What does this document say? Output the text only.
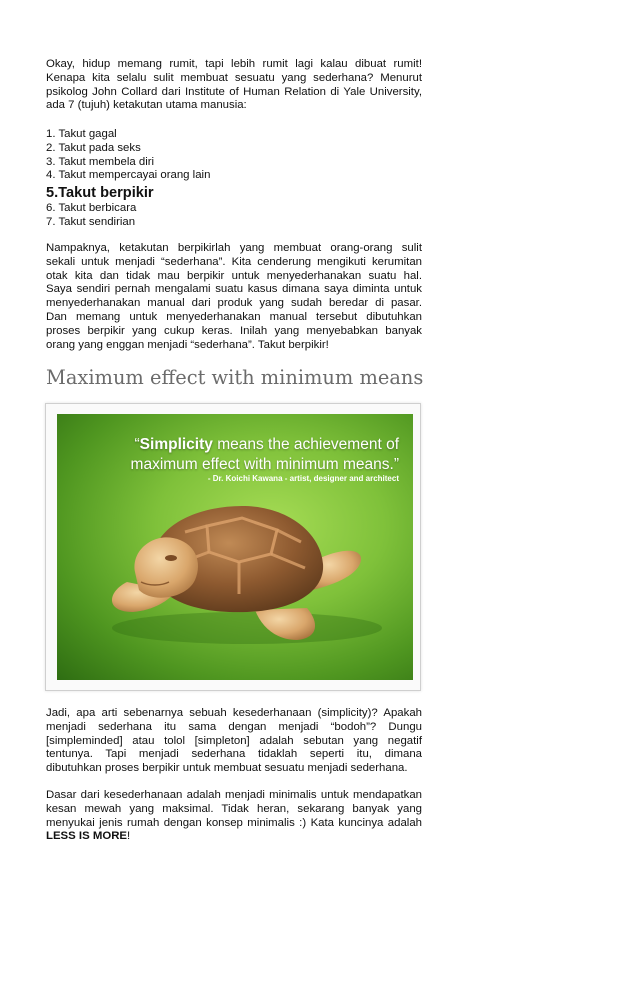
Okay, hidup memang rumit, tapi lebih rumit lagi kalau dibuat rumit!
Kenapa kita selalu sulit membuat sesuatu yang sederhana? Menurut
psikolog John Collard dari Institute of Human Relation di Yale University,
ada 7 (tujuh) ketakutan utama manusia:
1. Takut gagal
2. Takut pada seks
3. Takut membela diri
4. Takut mempercayai orang lain
5.Takut berpikir
6. Takut berbicara
7. Takut sendirian
Nampaknya, ketakutan berpikirlah yang membuat orang-orang sulit
sekali untuk menjadi “sederhana”. Kita cenderung mengikuti kerumitan
otak kita dan tidak mau berpikir untuk menyederhanakan suatu hal.
Saya sendiri pernah mengalami suatu kasus dimana saya diminta untuk
menyederhanakan manual dari produk yang sudah beredar di pasar.
Dan memang untuk menyederhanakan manual tersebut dibutuhkan
proses berpikir yang cukup keras. Inilah yang menyebabkan banyak
orang yang enggan menjadi “sederhana”. Takut berpikir!
Maximum effect with minimum means
“Simplicity means the achievement of
maximum effect with minimum means.”
- Dr. Koichi Kawana - artist, designer and architect
Jadi, apa arti sebenarnya sebuah kesederhanaan (simplicity)? Apakah
menjadi sederhana itu sama dengan menjadi “bodoh”? Dungu
[simpleminded] atau tolol [simpleton] adalah sebutan yang negatif
tentunya. Tapi menjadi sederhana tidaklah seperti itu, dimana
dibutuhkan proses berpikir untuk membuat sesuatu menjadi sederhana.
Dasar dari kesederhanaan adalah menjadi minimalis untuk mendapatkan
kesan mewah yang maksimal. Tidak heran, sekarang banyak yang
menyukai jenis rumah dengan konsep minimalis :) Kata kuncinya adalah
LESS IS MORE!
